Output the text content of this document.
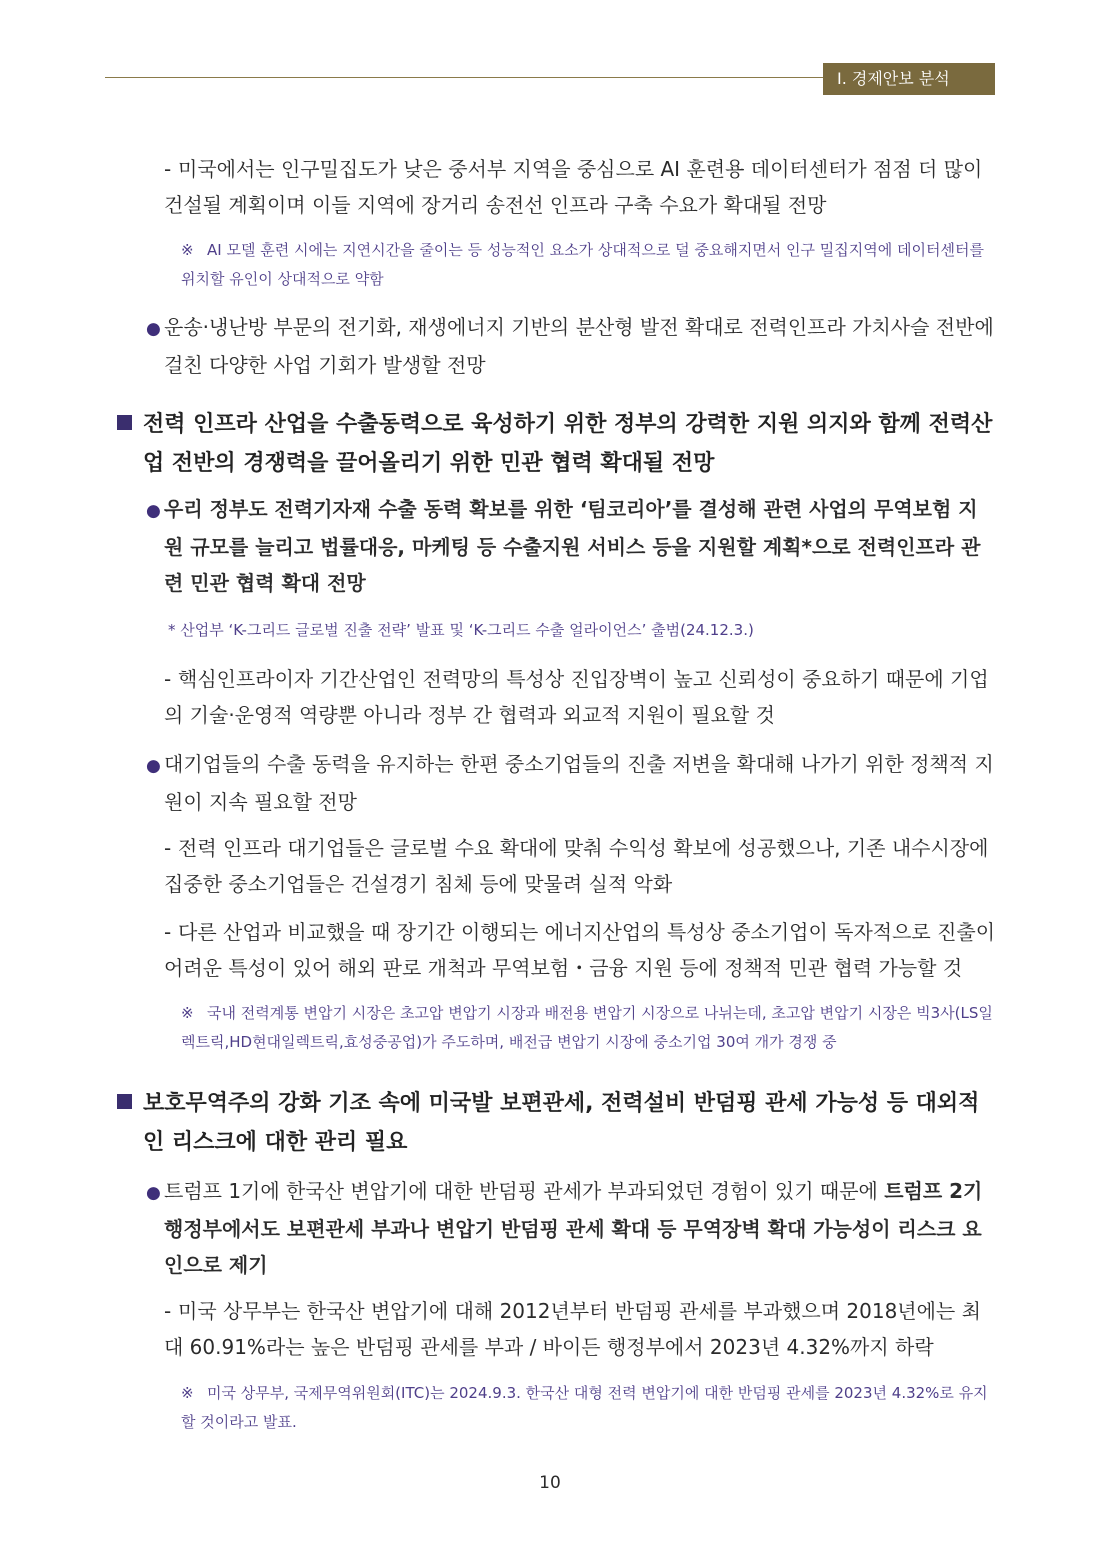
Ⅰ. 경제안보 분석

- 미국에서는 인구밀집도가 낮은 중서부 지역을 중심으로 AI 훈련용 데이터센터가 점점 더 많이 건설될 계획이며 이들 지역에 장거리 송전선 인프라 구축 수요가 확대될 전망

※ AI 모델 훈련 시에는 지연시간을 줄이는 등 성능적인 요소가 상대적으로 덜 중요해지면서 인구 밀집지역에 데이터센터를 위치할 유인이 상대적으로 약함

● 운송·냉난방 부문의 전기화, 재생에너지 기반의 분산형 발전 확대로 전력인프라 가치사슬 전반에 걸친 다양한 사업 기회가 발생할 전망

전력 인프라 산업을 수출동력으로 육성하기 위한 정부의 강력한 지원 의지와 함께 전력산업 전반의 경쟁력을 끌어올리기 위한 민관 협력 확대될 전망

● 우리 정부도 전력기자재 수출 동력 확보를 위한 ‘팀코리아’를 결성해 관련 사업의 무역보험 지원 규모를 늘리고 법률대응, 마케팅 등 수출지원 서비스 등을 지원할 계획*으로 전력인프라 관련 민관 협력 확대 전망

* 산업부 ‘K-그리드 글로벌 진출 전략’ 발표 및 ‘K-그리드 수출 얼라이언스’ 출범(24.12.3.)

- 핵심인프라이자 기간산업인 전력망의 특성상 진입장벽이 높고 신뢰성이 중요하기 때문에 기업의 기술·운영적 역량뿐 아니라 정부 간 협력과 외교적 지원이 필요할 것

● 대기업들의 수출 동력을 유지하는 한편 중소기업들의 진출 저변을 확대해 나가기 위한 정책적 지원이 지속 필요할 전망

- 전력 인프라 대기업들은 글로벌 수요 확대에 맞춰 수익성 확보에 성공했으나, 기존 내수시장에 집중한 중소기업들은 건설경기 침체 등에 맞물려 실적 악화

- 다른 산업과 비교했을 때 장기간 이행되는 에너지산업의 특성상 중소기업이 독자적으로 진출이 어려운 특성이 있어 해외 판로 개척과 무역보험・금융 지원 등에 정책적 민관 협력 가능할 것

※ 국내 전력계통 변압기 시장은 초고압 변압기 시장과 배전용 변압기 시장으로 나뉘는데, 초고압 변압기 시장은 빅3사(LS일렉트릭,HD현대일렉트릭,효성중공업)가 주도하며, 배전급 변압기 시장에 중소기업 30여 개가 경쟁 중

보호무역주의 강화 기조 속에 미국발 보편관세, 전력설비 반덤핑 관세 가능성 등 대외적인 리스크에 대한 관리 필요

● 트럼프 1기에 한국산 변압기에 대한 반덤핑 관세가 부과되었던 경험이 있기 때문에 트럼프 2기 행정부에서도 보편관세 부과나 변압기 반덤핑 관세 확대 등 무역장벽 확대 가능성이 리스크 요인으로 제기

- 미국 상무부는 한국산 변압기에 대해 2012년부터 반덤핑 관세를 부과했으며 2018년에는 최대 60.91%라는 높은 반덤핑 관세를 부과 / 바이든 행정부에서 2023년 4.32%까지 하락

※ 미국 상무부, 국제무역위원회(ITC)는 2024.9.3. 한국산 대형 전력 변압기에 대한 반덤핑 관세를 2023년 4.32%로 유지할 것이라고 발표.

10
